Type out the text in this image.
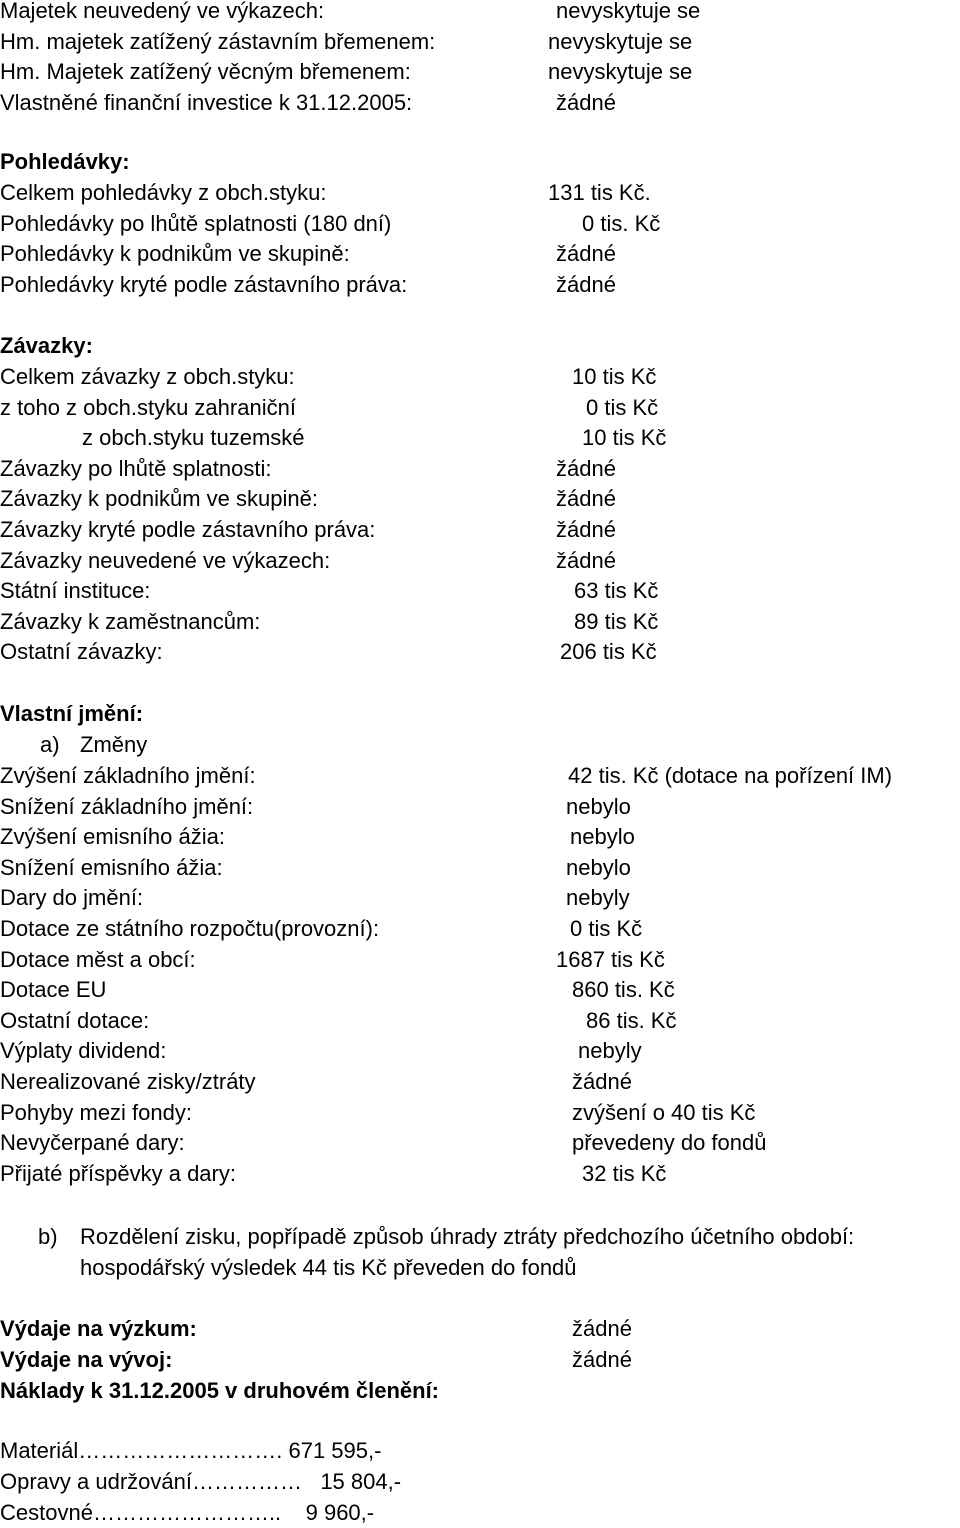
Majetek neuvedený ve výkazech:	nevyskytuje se
Hm. majetek zatížený zástavním břemenem:	nevyskytuje se
Hm. Majetek zatížený věcným břemenem:	nevyskytuje se
Vlastněné finanční investice k 31.12.2005:	žádné
Pohledávky:
Celkem pohledávky z obch.styku:	131 tis Kč.
Pohledávky po lhůtě splatnosti (180 dní)	0 tis. Kč
Pohledávky k podnikům ve skupině:	žádné
Pohledávky kryté podle zástavního práva:	žádné
Závazky:
Celkem závazky z obch.styku:	10 tis Kč
z toho z obch.styku zahraniční	0 tis Kč
z obch.styku tuzemské	10 tis Kč
Závazky po lhůtě splatnosti:	žádné
Závazky k podnikům ve skupině:	žádné
Závazky kryté podle zástavního práva:	žádné
Závazky neuvedené ve výkazech:	žádné
Státní instituce:	63 tis Kč
Závazky k zaměstnancům:	89 tis Kč
Ostatní závazky:	206 tis Kč
Vlastní jmění:
a) Změny
Zvýšení základního jmění:	42 tis. Kč (dotace na pořízení IM)
Snížení základního jmění:	nebylo
Zvýšení emisního ážia:	nebylo
Snížení emisního ážia:	nebylo
Dary do jmění:	nebyly
Dotace ze státního rozpočtu(provozní):	0 tis Kč
Dotace měst a obcí:	1687 tis Kč
Dotace EU	860 tis. Kč
Ostatní dotace:	86 tis. Kč
Výplaty dividend:	nebyly
Nerealizované zisky/ztráty	žádné
Pohyby mezi fondy:	zvýšení o 40 tis Kč
Nevyčerpané dary:	převedeny do fondů
Přijaté příspěvky a dary:	32 tis Kč
b) Rozdělení zisku, popřípadě způsob úhrady ztráty předchozího účetního období: hospodářský výsledek 44 tis Kč převeden do fondů
Výdaje na výzkum:	žádné
Výdaje na vývoj:	žádné
Náklady k 31.12.2005 v druhovém členění:
Materiál………………………. 671 595,-
Opravy a udržování……………   15 804,-
Cestovné……………………..    9 960,-
